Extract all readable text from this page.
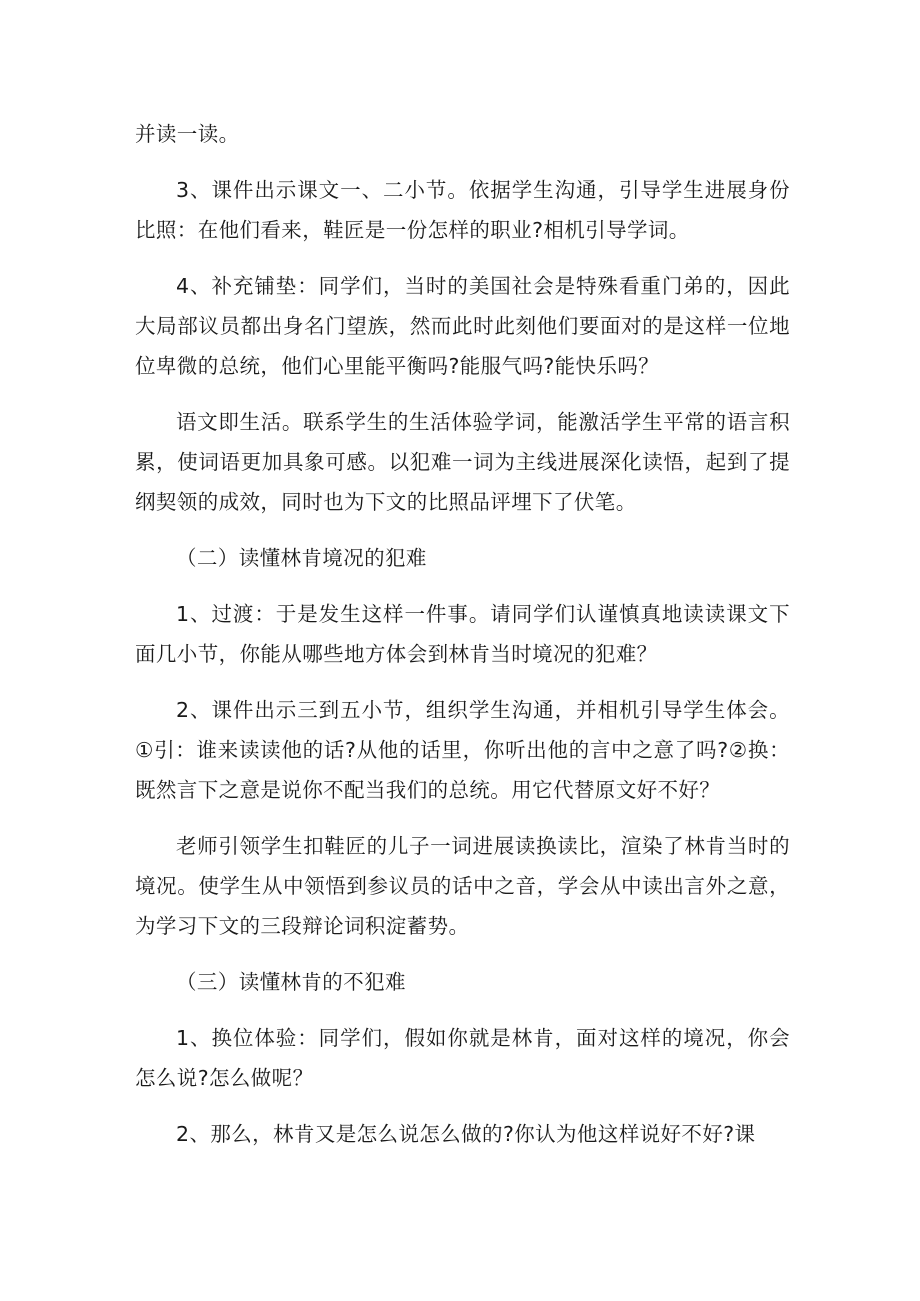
并读一读。

3、课件出示课文一、二小节。依据学生沟通，引导学生进展身份比照：在他们看来，鞋匠是一份怎样的职业?相机引导学词。

4、补充铺垫：同学们，当时的美国社会是特殊看重门弟的，因此大局部议员都出身名门望族，然而此时此刻他们要面对的是这样一位地位卑微的总统，他们心里能平衡吗?能服气吗?能快乐吗？

语文即生活。联系学生的生活体验学词，能激活学生平常的语言积累，使词语更加具象可感。以犯难一词为主线进展深化读悟，起到了提纲契领的成效，同时也为下文的比照品评埋下了伏笔。

（二）读懂林肯境况的犯难

1、过渡：于是发生这样一件事。请同学们认谨慎真地读读课文下面几小节，你能从哪些地方体会到林肯当时境况的犯难？

2、课件出示三到五小节，组织学生沟通，并相机引导学生体会。①引：谁来读读他的话?从他的话里，你听出他的言中之意了吗?②换：既然言下之意是说你不配当我们的总统。用它代替原文好不好？

老师引领学生扣鞋匠的儿子一词进展读换读比，渲染了林肯当时的境况。使学生从中领悟到参议员的话中之音，学会从中读出言外之意，为学习下文的三段辩论词积淀蓄势。

（三）读懂林肯的不犯难

1、换位体验：同学们，假如你就是林肯，面对这样的境况，你会怎么说?怎么做呢？

2、那么，林肯又是怎么说怎么做的?你认为他这样说好不好?课
